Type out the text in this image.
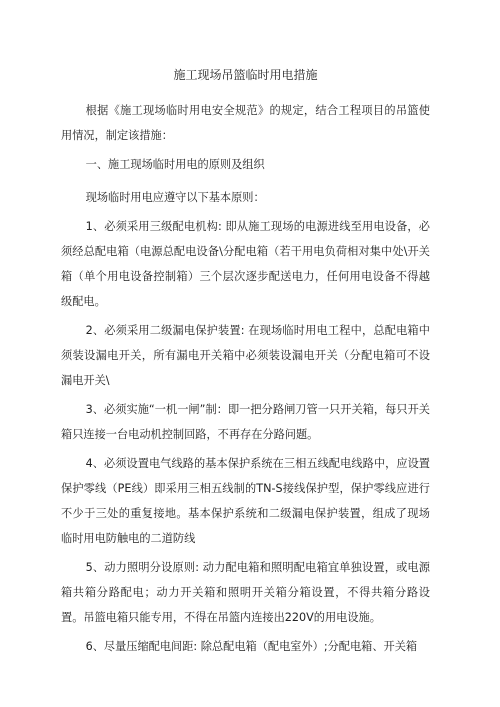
施工现场吊篮临时用电措施

根据《施工现场临时用电安全规范》的规定，结合工程项目的吊篮使用情况，制定该措施：

一、施工现场临时用电的原则及组织

现场临时用电应遵守以下基本原则：

1、必须采用三级配电机构: 即从施工现场的电源进线至用电设备，必须经总配电箱（电源总配电设备\分配电箱（若干用电负荷相对集中处\开关箱（单个用电设备控制箱）三个层次逐步配送电力，任何用电设备不得越级配电。

2、必须采用二级漏电保护装置: 在现场临时用电工程中，总配电箱中须装设漏电开关，所有漏电开关箱中必须装设漏电开关（分配电箱可不设漏电开关\

3、必须实施“一机一闸”制：即一把分路闸刀管一只开关箱，每只开关箱只连接一台电动机控制回路，不再存在分路问题。

4、必须设置电气线路的基本保护系统在三相五线配电线路中，应设置保护零线（PE线）即采用三相五线制的TN-S接线保护型，保护零线应进行不少于三处的重复接地。基本保护系统和二级漏电保护装置，组成了现场临时用电防触电的二道防线

5、动力照明分设原则: 动力配电箱和照明配电箱宜单独设置，或电源箱共箱分路配电；动力开关箱和照明开关箱分箱设置，不得共箱分路设置。吊篮电箱只能专用，不得在吊篮内连接出220V的用电设施。

6、尽量压缩配电间距: 除总配电箱（配电室外）;分配电箱、开关箱
